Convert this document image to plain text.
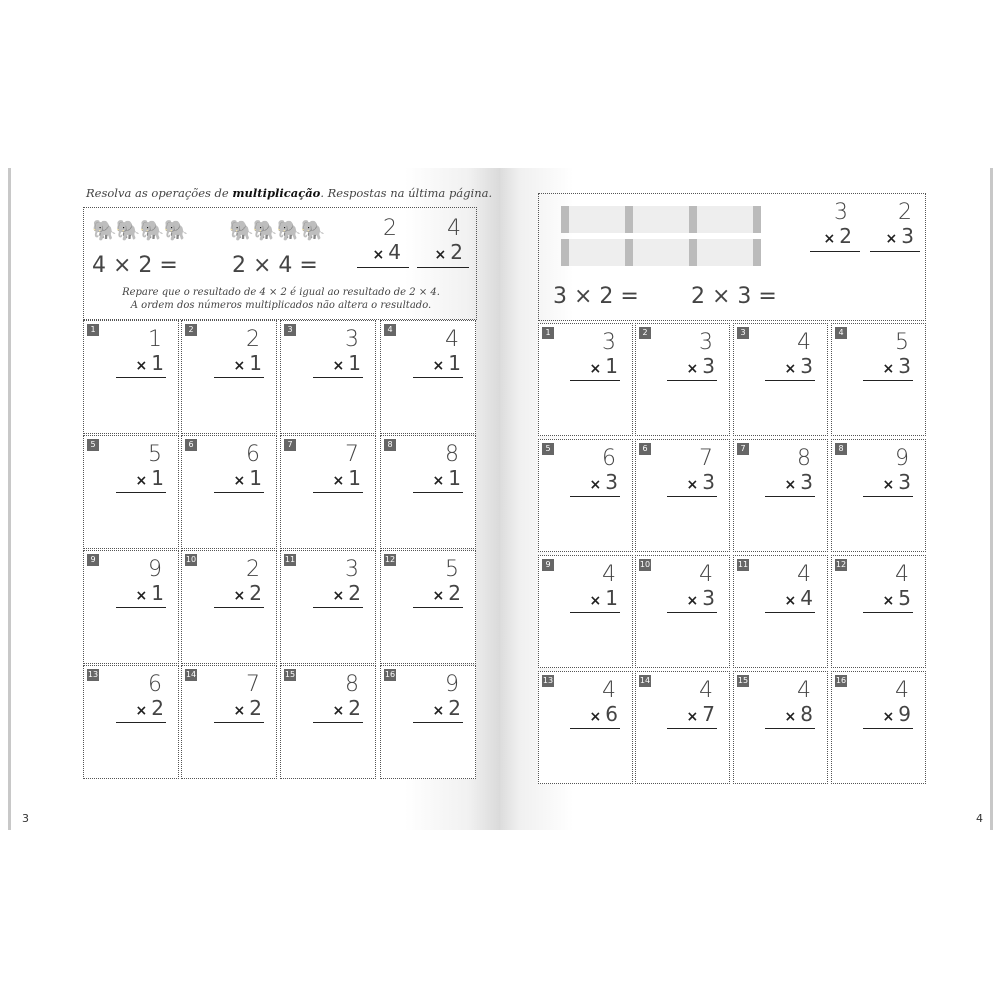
Resolva as operações de multiplicação. Respostas na última página.
🐘🐘🐘🐘 🐘🐘🐘🐘
4 × 2 = 2 × 4 =
2
× 4
4
× 2
Repare que o resultado de 4 × 2 é igual ao resultado de 2 × 4.
A ordem dos números multiplicados não altera o resultado.	3 × 2 = 2 × 3 =
3
× 2
2
× 3
1 1
× 1
2 2
× 1
3 3
× 1
4 4
× 1
5 5
× 1
6 6
× 1
7 7
× 1
8 8
× 1
9 9
× 1
10 2
× 2
11 3
× 2
12 5
× 2
13 6
× 2
14 7
× 2
15 8
× 2
16 9
× 2
1 3
× 1
2 3
× 3
3 4
× 3
4 5
× 3
5 6
× 3
6 7
× 3
7 8
× 3
8 9
× 3
9 4
× 1
10 4
× 3
11 4
× 4
12 4
× 5
13 4
× 6
14 4
× 7
15 4
× 8
16 4
× 9
3	4
